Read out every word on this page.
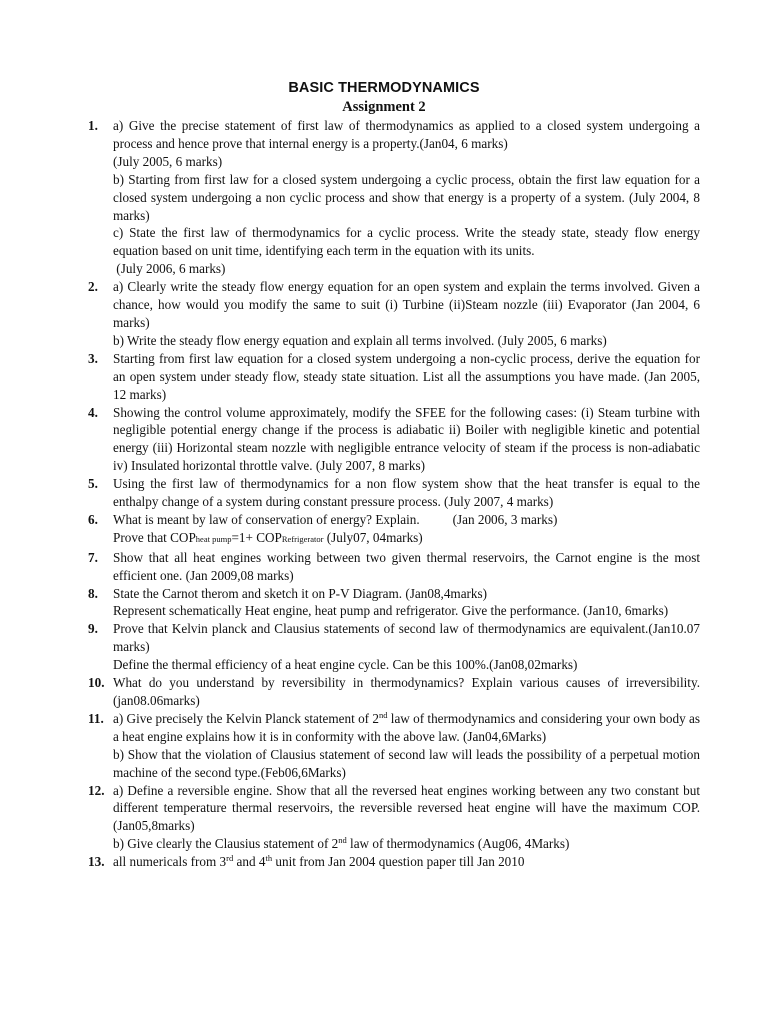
BASIC THERMODYNAMICS
Assignment 2
1. a) Give the precise statement of first law of thermodynamics as applied to a closed system undergoing a process and hence prove that internal energy is a property.(Jan04, 6 marks)

(July 2005, 6 marks)

b) Starting from first law for a closed system undergoing a cyclic process, obtain the first law equation for a closed system undergoing a non cyclic process and show that energy is a property of a system. (July 2004, 8 marks)

c) State the first law of thermodynamics for a cyclic process. Write the steady state, steady flow energy equation based on unit time, identifying each term in the equation with its units.

(July 2006, 6 marks)

2. a) Clearly write the steady flow energy equation for an open system and explain the terms involved. Given a chance, how would you modify the same to suit (i) Turbine (ii)Steam nozzle (iii) Evaporator (Jan 2004, 6 marks)

b) Write the steady flow energy equation and explain all terms involved. (July 2005, 6 marks)

3. Starting from first law equation for a closed system undergoing a non-cyclic process, derive the equation for an open system under steady flow, steady state situation. List all the assumptions you have made. (Jan 2005, 12 marks)

4. Showing the control volume approximately, modify the SFEE for the following cases: (i) Steam turbine with negligible potential energy change if the process is adiabatic ii) Boiler with negligible kinetic and potential energy (iii) Horizontal steam nozzle with negligible entrance velocity of steam if the process is non-adiabatic iv) Insulated horizontal throttle valve. (July 2007, 8 marks)

5. Using the first law of thermodynamics for a non flow system show that the heat transfer is equal to the enthalpy change of a system during constant pressure process. (July 2007, 4 marks)

6. What is meant by law of conservation of energy? Explain.          (Jan 2006, 3 marks)

Prove that COPheat pump=1+ COPRefrigerator (July07, 04marks)

7. Show that all heat engines working between two given thermal reservoirs, the Carnot engine is the most efficient one. (Jan 2009,08 marks)

8. State the Carnot therom and sketch it on P-V Diagram. (Jan08,4marks)

Represent schematically Heat engine, heat pump and refrigerator. Give the performance. (Jan10, 6marks)

9. Prove that Kelvin planck and Clausius statements of second law of thermodynamics are equivalent.(Jan10.07 marks)

Define the thermal efficiency of a heat engine cycle. Can be this 100%.(Jan08,02marks)

10. What do you understand by reversibility in thermodynamics? Explain various causes of irreversibility. (jan08.06marks)

11. a) Give precisely the Kelvin Planck statement of 2nd law of thermodynamics and considering your own body as a heat engine explains how it is in conformity with the above law. (Jan04,6Marks)

b) Show that the violation of Clausius statement of second law will leads the possibility of a perpetual motion machine of the second type.(Feb06,6Marks)

12. a) Define a reversible engine. Show that all the reversed heat engines working between any two constant but different temperature thermal reservoirs, the reversible reversed heat engine will have the maximum COP.(Jan05,8marks)

b) Give clearly the Clausius statement of 2nd law of thermodynamics (Aug06, 4Marks)

13. all numericals from 3rd and 4th unit from Jan 2004 question paper till Jan 2010
